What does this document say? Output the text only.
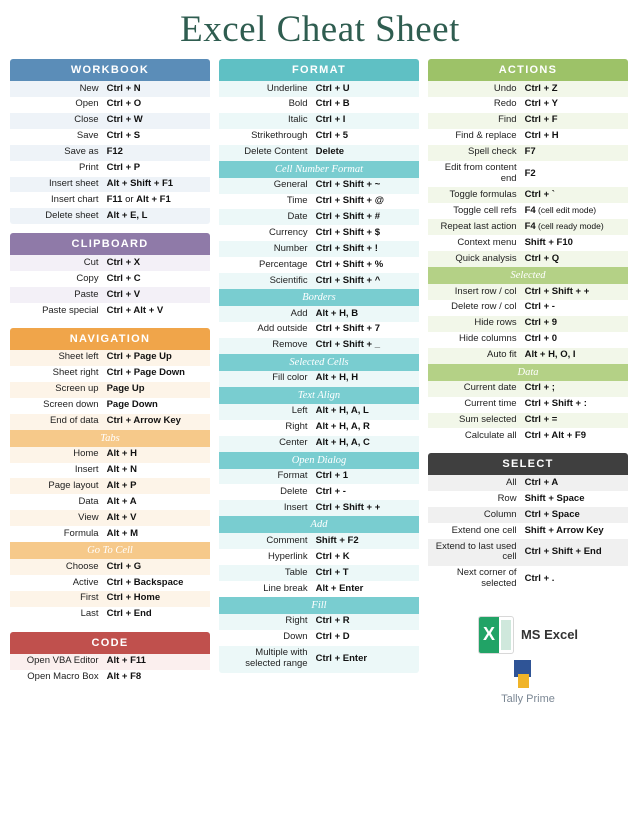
Excel Cheat Sheet
WORKBOOK
New	Ctrl + N
Open	Ctrl + O
Close	Ctrl + W
Save	Ctrl + S
Save as	F12
Print	Ctrl + P
Insert sheet	Alt + Shift + F1
Insert chart	F11 or Alt + F1
Delete sheet	Alt + E, L
CLIPBOARD
Cut	Ctrl + X
Copy	Ctrl + C
Paste	Ctrl + V
Paste special	Ctrl + Alt + V
NAVIGATION
Sheet left	Ctrl + Page Up
Sheet right	Ctrl + Page Down
Screen up	Page Up
Screen down	Page Down
End of data	Ctrl + Arrow Key
Tabs
Home	Alt + H
Insert	Alt + N
Page layout	Alt + P
Data	Alt + A
View	Alt + V
Formula	Alt + M
Go To Cell
Choose	Ctrl + G
Active	Ctrl + Backspace
First	Ctrl + Home
Last	Ctrl + End
CODE
Open VBA Editor	Alt + F11
Open Macro Box	Alt + F8
FORMAT
Underline	Ctrl + U
Bold	Ctrl + B
Italic	Ctrl + I
Strikethrough	Ctrl + 5
Delete Content	Delete
Cell Number Format
General	Ctrl + Shift + ~
Time	Ctrl + Shift + @
Date	Ctrl + Shift + #
Currency	Ctrl + Shift + $
Number	Ctrl + Shift + !
Percentage	Ctrl + Shift + %
Scientific	Ctrl + Shift + ^
Borders
Add	Alt + H, B
Add outside	Ctrl + Shift + 7
Remove	Ctrl + Shift + _
Selected Cells
Fill color	Alt + H, H
Text Align
Left	Alt + H, A, L
Right	Alt + H, A, R
Center	Alt + H, A, C
Open Dialog
Format	Ctrl + 1
Delete	Ctrl + -
Insert	Ctrl + Shift + +
Add
Comment	Shift + F2
Hyperlink	Ctrl + K
Table	Ctrl + T
Line break	Alt + Enter
Fill
Right	Ctrl + R
Down	Ctrl + D
Multiple with selected range	Ctrl + Enter
ACTIONS
Undo	Ctrl + Z
Redo	Ctrl + Y
Find	Ctrl + F
Find & replace	Ctrl + H
Spell check	F7
Edit from content end	F2
Toggle formulas	Ctrl + `
Toggle cell refs	F4 (cell edit mode)
Repeat last action	F4 (cell ready mode)
Context menu	Shift + F10
Quick analysis	Ctrl + Q
Selected
Insert row / col	Ctrl + Shift + +
Delete row / col	Ctrl + -
Hide rows	Ctrl + 9
Hide columns	Ctrl + 0
Auto fit	Alt + H, O, I
Data
Current date	Ctrl + ;
Current time	Ctrl + Shift + :
Sum selected	Ctrl + =
Calculate all	Ctrl + Alt + F9
SELECT
All	Ctrl + A
Row	Shift + Space
Column	Ctrl + Space
Extend one cell	Shift + Arrow Key
Extend to last used cell	Ctrl + Shift + End
Next corner of selected	Ctrl + .
X	MS Excel
Tally Prime
